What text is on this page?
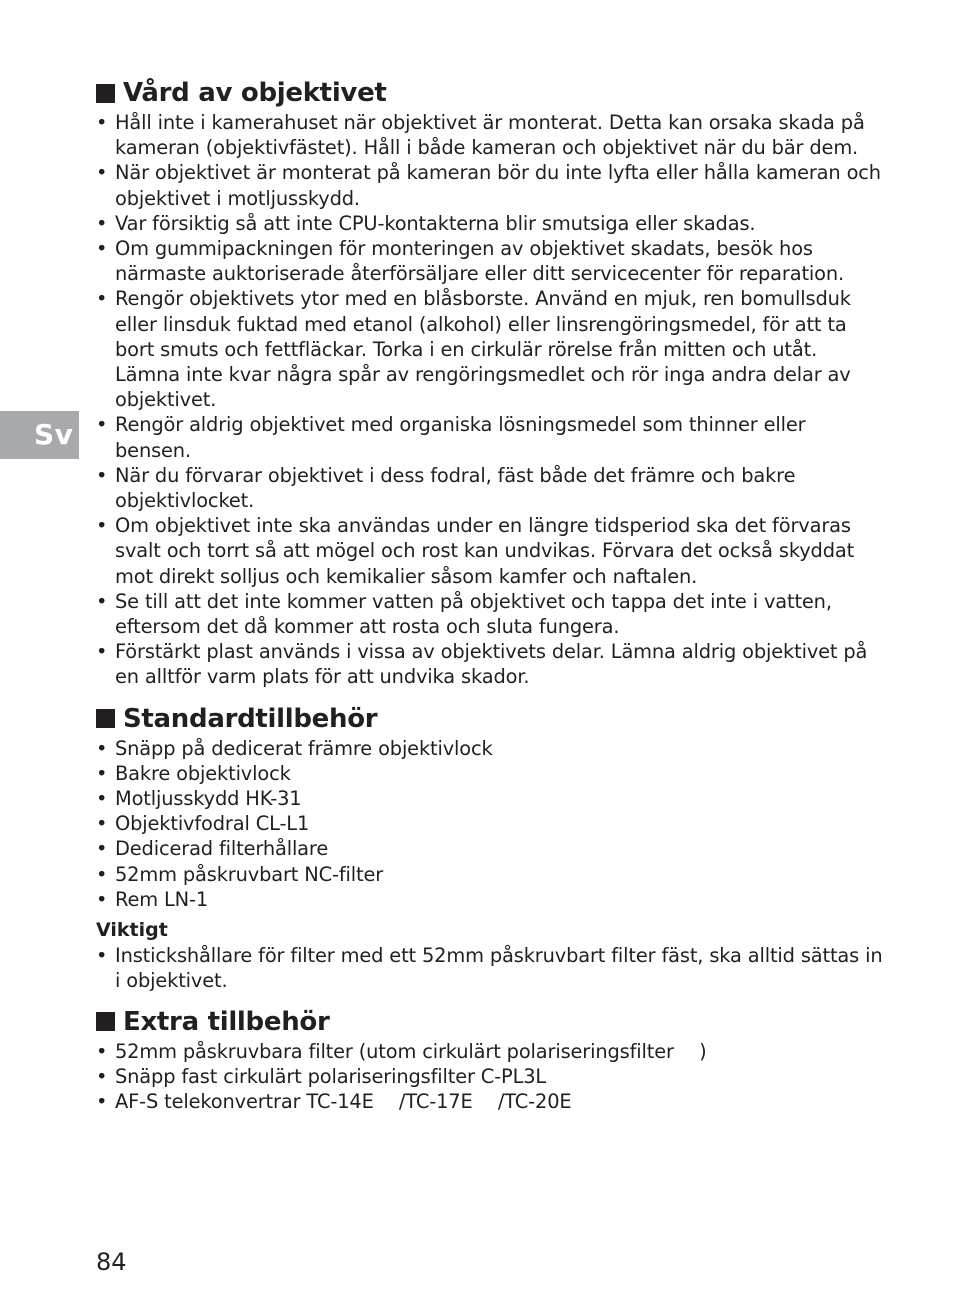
Sv
Vård av objektivet
• Håll inte i kamerahuset när objektivet är monterat. Detta kan orsaka skada på kameran (objektivfästet). Håll i både kameran och objektivet när du bär dem.
• När objektivet är monterat på kameran bör du inte lyfta eller hålla kameran och objektivet i motljusskydd.
• Var försiktig så att inte CPU-kontakterna blir smutsiga eller skadas.
• Om gummipackningen för monteringen av objektivet skadats, besök hos närmaste auktoriserade återförsäljare eller ditt servicecenter för reparation.
• Rengör objektivets ytor med en blåsborste. Använd en mjuk, ren bomullsduk eller linsduk fuktad med etanol (alkohol) eller linsrengöringsmedel, för att ta bort smuts och fettfläckar. Torka i en cirkulär rörelse från mitten och utåt. Lämna inte kvar några spår av rengöringsmedlet och rör inga andra delar av objektivet.
• Rengör aldrig objektivet med organiska lösningsmedel som thinner eller bensen.
• När du förvarar objektivet i dess fodral, fäst både det främre och bakre objektivlocket.
• Om objektivet inte ska användas under en längre tidsperiod ska det förvaras svalt och torrt så att mögel och rost kan undvikas. Förvara det också skyddat mot direkt solljus och kemikalier såsom kamfer och naftalen.
• Se till att det inte kommer vatten på objektivet och tappa det inte i vatten, eftersom det då kommer att rosta och sluta fungera.
• Förstärkt plast används i vissa av objektivets delar. Lämna aldrig objektivet på en alltför varm plats för att undvika skador.
Standardtillbehör
• Snäpp på dedicerat främre objektivlock
• Bakre objektivlock
• Motljusskydd HK-31
• Objektivfodral CL-L1
• Dedicerad filterhållare
• 52mm påskruvbart NC-filter
• Rem LN-1
Viktigt
• Instickshållare för filter med ett 52mm påskruvbart filter fäst, ska alltid sättas in i objektivet.
Extra tillbehör
• 52mm påskruvbara filter (utom cirkulärt polariseringsfilter  )
• Snäpp fast cirkulärt polariseringsfilter C-PL3L
• AF-S telekonvertrar TC-14E  /TC-17E  /TC-20E
84
